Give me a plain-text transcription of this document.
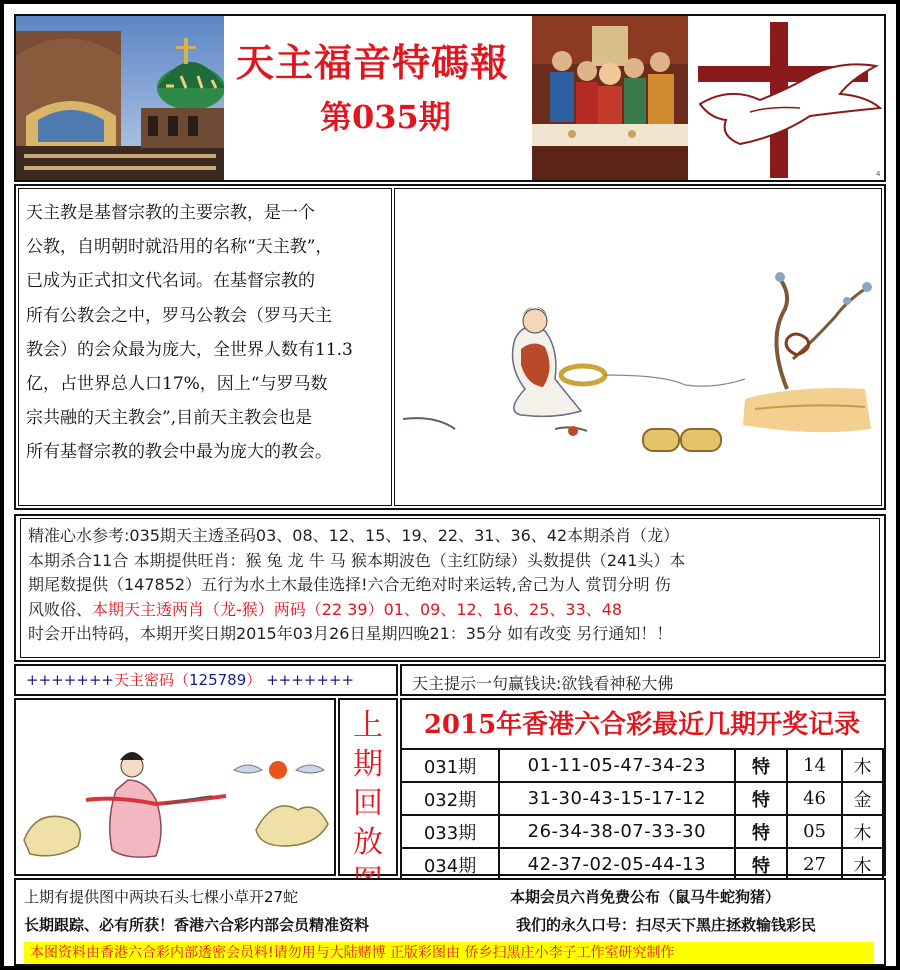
天主福音特碼報
第035期
4
天主教是基督宗教的主要宗教，是一个
公教，自明朝时就沿用的名称“天主教”，
已成为正式扣文代名词。在基督宗教的
所有公教会之中，罗马公教会（罗马天主
教会）的会众最为庞大，全世界人数有11.3
亿，占世界总人口17%，因上“与罗马数
宗共融的天主教会”,目前天主教会也是
所有基督宗教的教会中最为庞大的教会。
精准心水参考:035期天主透圣码03、08、12、15、19、22、31、36、42本期杀肖（龙）
本期杀合11合 本期提供旺肖：猴 兔 龙 牛 马 猴本期波色（主红防绿）头数提供（241头）本
期尾数提供（147852）五行为水土木最佳选择!六合无绝对时来运转,舍己为人 赏罚分明 伤
风败俗、本期天主透两肖（龙-猴）两码（22 39）01、09、12、16、25、33、48
时会开出特码，本期开奖日期2015年03月26日星期四晚21：35分 如有改变 另行通知！！
+++++++天主密码（125789） +++++++	天主提示一句赢钱诀:欲钱看神秘大佛
上
期
回
放
2015年香港六合彩最近几期开奖记录
031期	01-11-05-47-34-23	特	14	木
032期	31-30-43-15-17-12	特	46	金
033期	26-34-38-07-33-30	特	05	木
034期	42-37-02-05-44-13	特	27	木
上期有提供图中两块石头七棵小草开27蛇	本期会员六肖免费公布（鼠马牛蛇狗猪）
长期跟踪、必有所获！香港六合彩内部会员精准资料	我们的永久口号：扫尽天下黑庄拯救输钱彩民
本图资料由香港六合彩内部透密会员料!请勿用与大陆赌博 正版彩图由 侨乡扫黑庄小李子工作室研究制作
